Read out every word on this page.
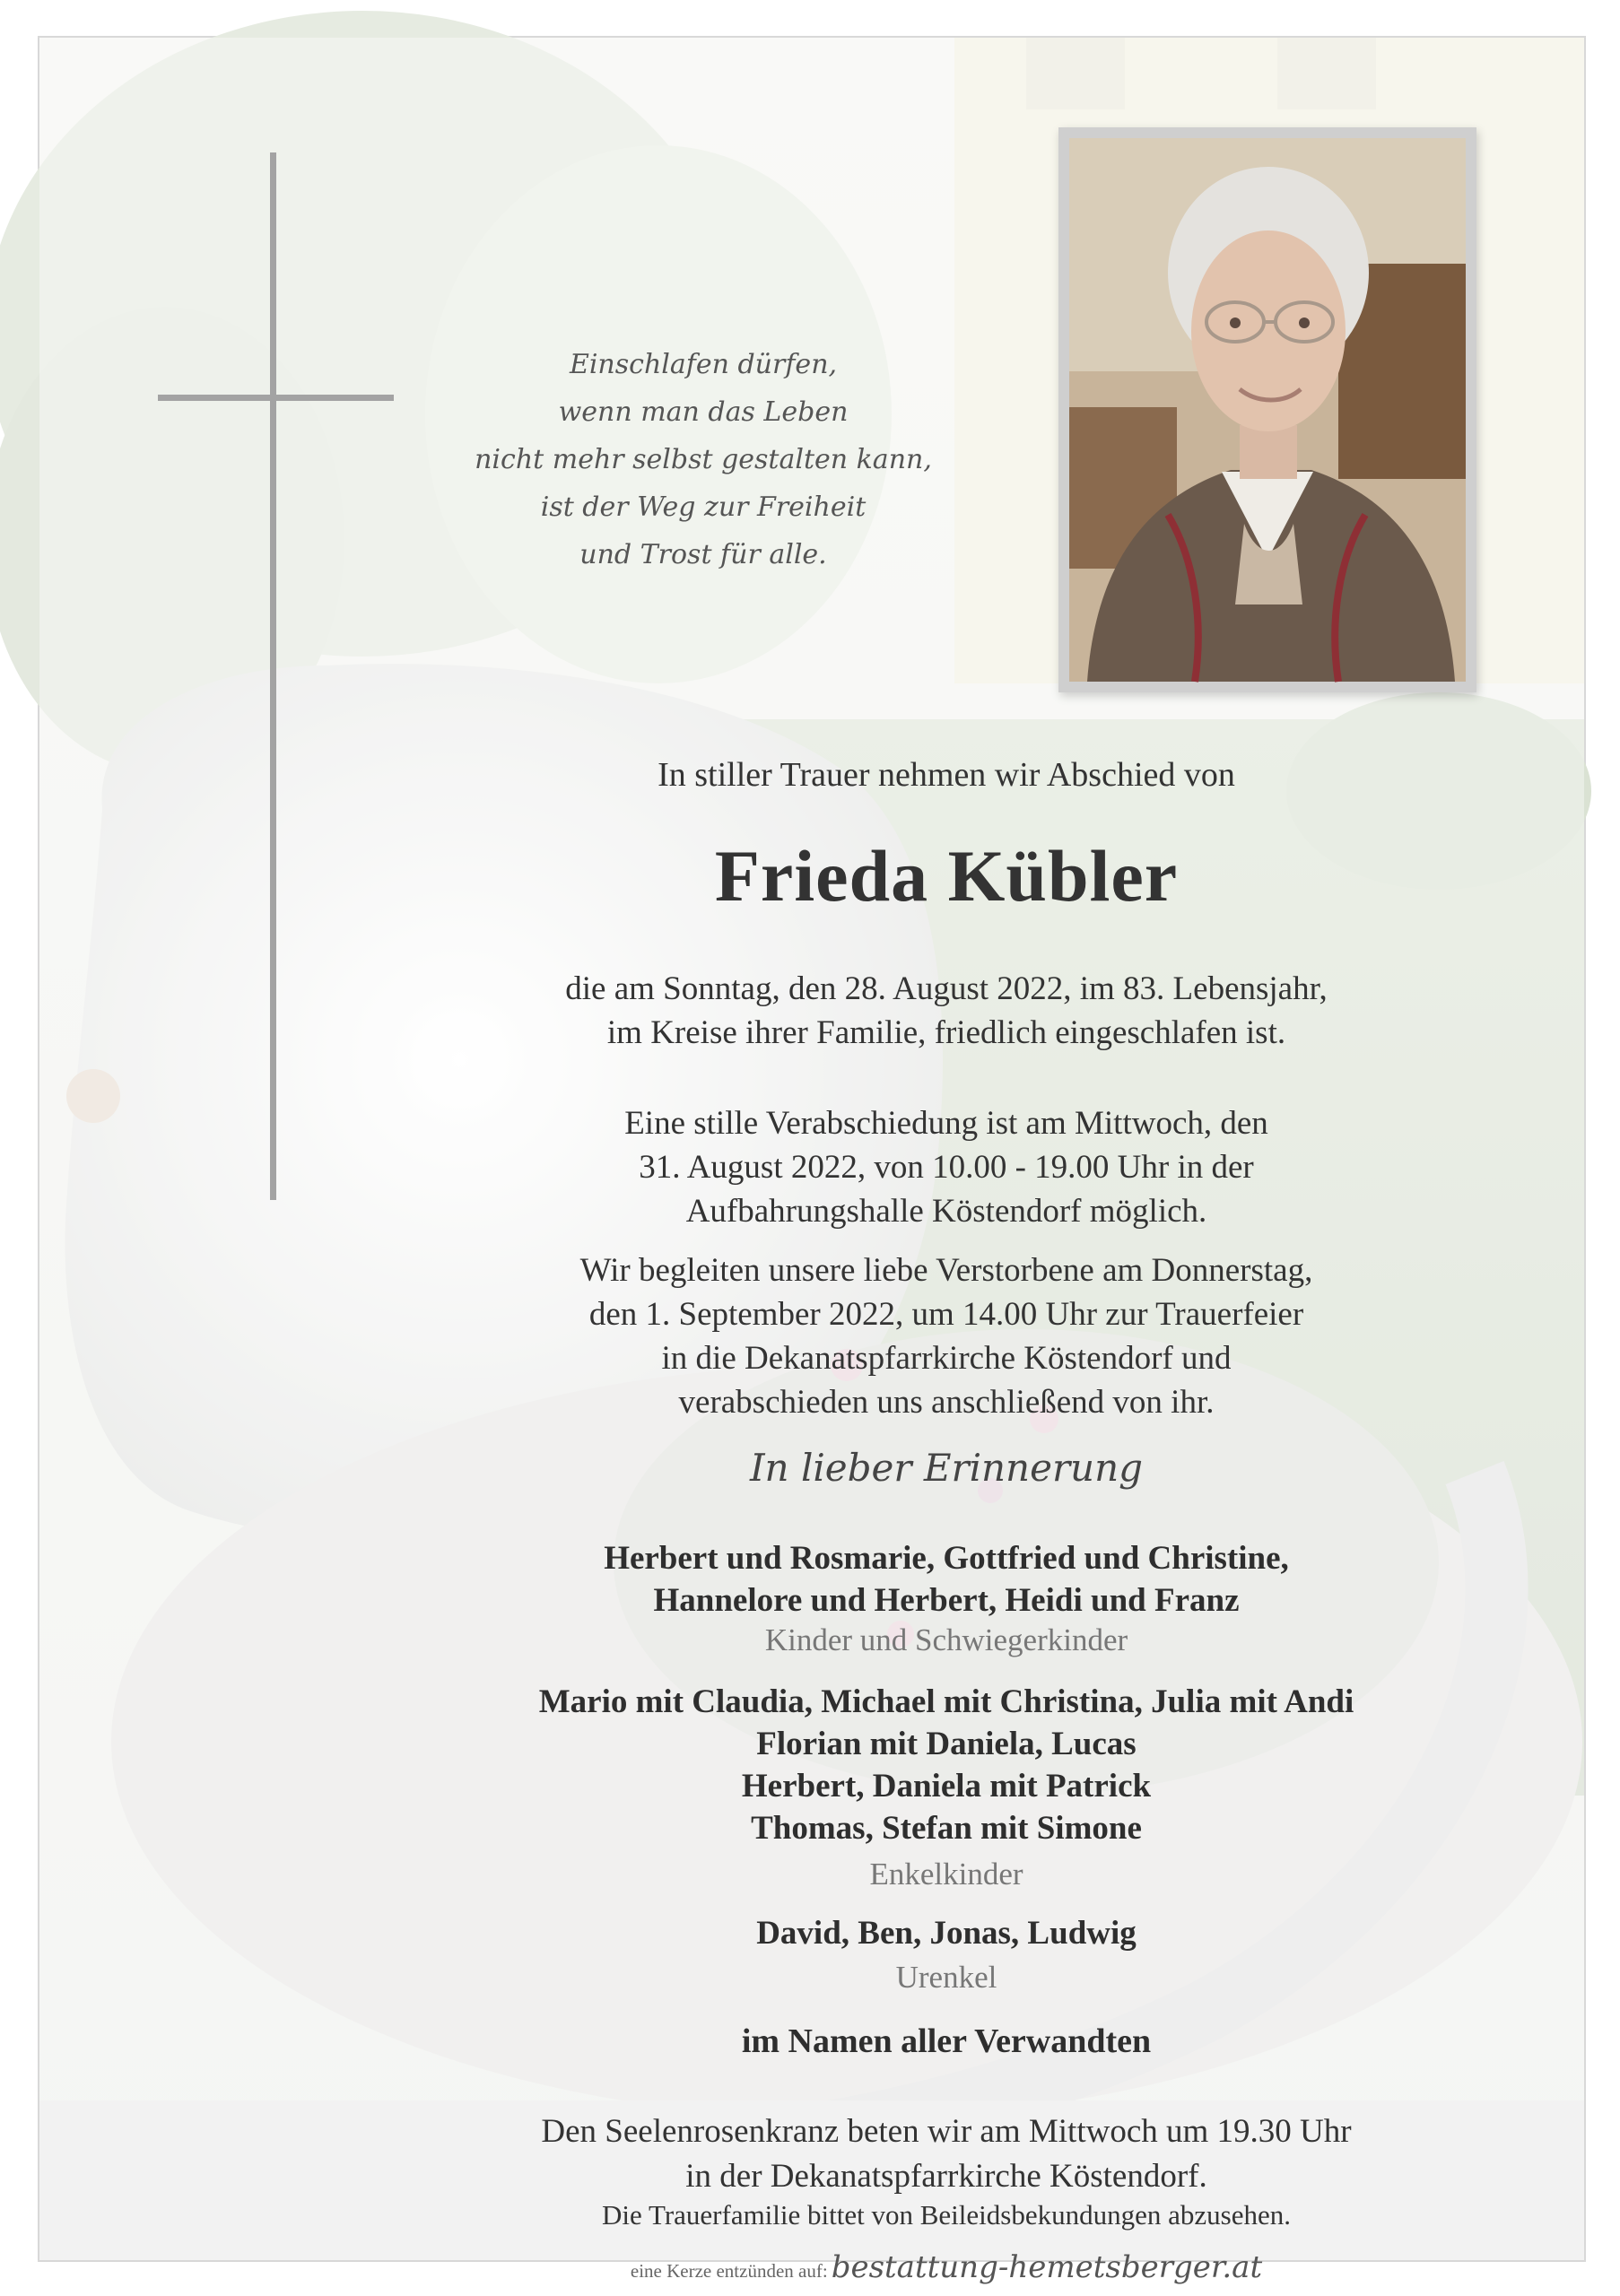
Einschlafen dürfen,
wenn man das Leben
nicht mehr selbst gestalten kann,
ist der Weg zur Freiheit
und Trost für alle.
In stiller Trauer nehmen wir Abschied von
Frieda Kübler
die am Sonntag, den 28. August 2022, im 83. Lebensjahr,
im Kreise ihrer Familie, friedlich eingeschlafen ist.
Eine stille Verabschiedung ist am Mittwoch, den
31. August 2022, von 10.00 - 19.00 Uhr in der
Aufbahrungshalle Köstendorf möglich.
Wir begleiten unsere liebe Verstorbene am Donnerstag,
den 1. September 2022, um 14.00 Uhr zur Trauerfeier
in die Dekanatspfarrkirche Köstendorf und
verabschieden uns anschließend von ihr.
In lieber Erinnerung
Herbert und Rosmarie, Gottfried und Christine,
Hannelore und Herbert, Heidi und Franz
Kinder und Schwiegerkinder
Mario mit Claudia, Michael mit Christina, Julia mit Andi
Florian mit Daniela, Lucas
Herbert, Daniela mit Patrick
Thomas, Stefan mit Simone
Enkelkinder
David, Ben, Jonas, Ludwig
Urenkel
im Namen aller Verwandten
Den Seelenrosenkranz beten wir am Mittwoch um 19.30 Uhr
in der Dekanatspfarrkirche Köstendorf.
Die Trauerfamilie bittet von Beileidsbekundungen abzusehen.
eine Kerze entzünden auf: bestattung-hemetsberger.at
